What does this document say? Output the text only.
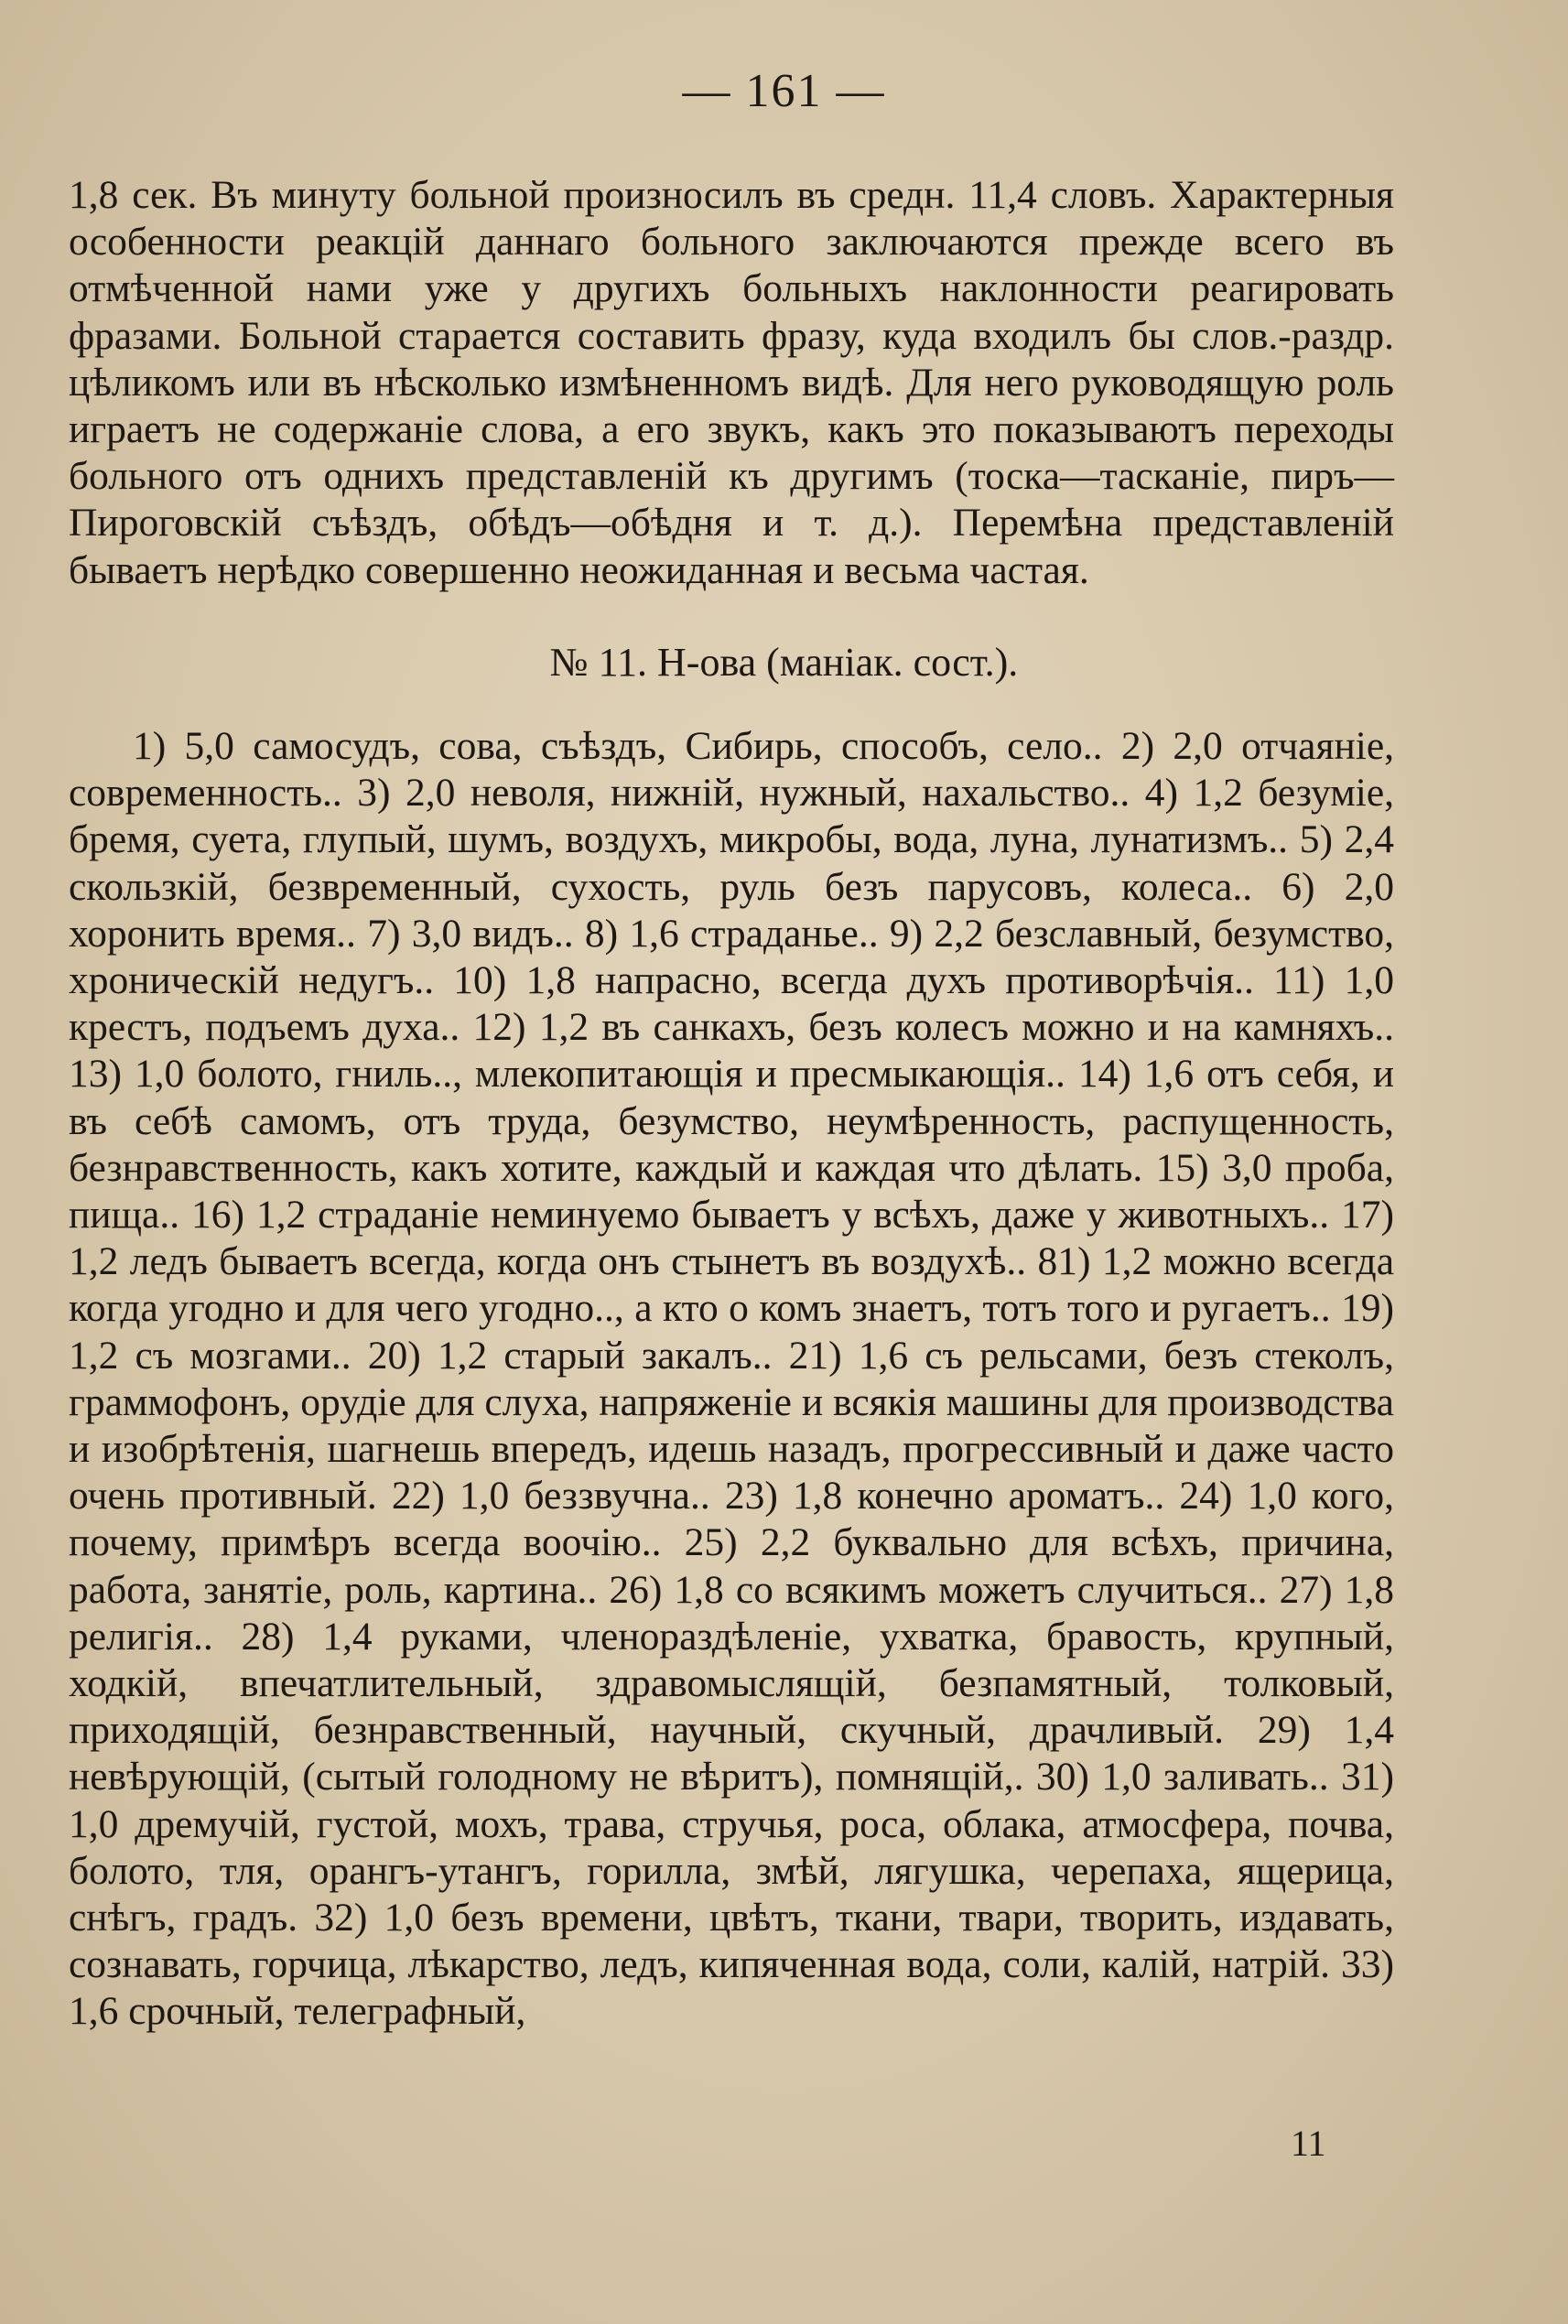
— 161 —

1,8 сек. Въ минуту больной произносилъ въ средн. 11,4 словъ. Характерныя особенности реакцій даннаго больного заключаются прежде всего въ отмѣченной нами уже у другихъ больныхъ наклонности реагировать фразами. Больной старается составить фразу, куда входилъ бы слов.-раздр. цѣликомъ или въ нѣсколько измѣненномъ видѣ. Для него руководящую роль играетъ не содержаніе слова, а его звукъ, какъ это показываютъ переходы больного отъ однихъ представленій къ другимъ (тоска—тасканіе, пиръ—Пироговскій съѣздъ, обѣдъ—обѣдня и т. д.). Перемѣна представленій бываетъ нерѣдко совершенно неожиданная и весьма частая.

№ 11. Н-ова (маніак. сост.).

1) 5,0 самосудъ, сова, съѣздъ, Сибирь, способъ, село.. 2) 2,0 отчаяніе, современность.. 3) 2,0 неволя, нижній, нужный, нахальство.. 4) 1,2 безуміе, бремя, суета, глупый, шумъ, воздухъ, микробы, вода, луна, лунатизмъ.. 5) 2,4 скользкій, безвременный, сухость, руль безъ парусовъ, колеса.. 6) 2,0 хоронить время.. 7) 3,0 видъ.. 8) 1,6 страданье.. 9) 2,2 безславный, безумство, хроническій недугъ.. 10) 1,8 напрасно, всегда духъ противорѣчія.. 11) 1,0 крестъ, подъемъ духа.. 12) 1,2 въ санкахъ, безъ колесъ можно и на камняхъ.. 13) 1,0 болото, гниль.., млекопитающія и пресмыкающія.. 14) 1,6 отъ себя, и въ себѣ самомъ, отъ труда, безумство, неумѣренность, распущенность, безнравственность, какъ хотите, каждый и каждая что дѣлать. 15) 3,0 проба, пища.. 16) 1,2 страданіе неминуемо бываетъ у всѣхъ, даже у животныхъ.. 17) 1,2 ледъ бываетъ всегда, когда онъ стынетъ въ воздухѣ.. 81) 1,2 можно всегда когда угодно и для чего угодно.., а кто о комъ знаетъ, тотъ того и ругаетъ.. 19) 1,2 съ мозгами.. 20) 1,2 старый закалъ.. 21) 1,6 съ рельсами, безъ стеколъ, граммофонъ, орудіе для слуха, напряженіе и всякія машины для производства и изобрѣтенія, шагнешь впередъ, идешь назадъ, прогрессивный и даже часто очень противный. 22) 1,0 беззвучна.. 23) 1,8 конечно ароматъ.. 24) 1,0 кого, почему, примѣръ всегда воочію.. 25) 2,2 буквально для всѣхъ, причина, работа, занятіе, роль, картина.. 26) 1,8 со всякимъ можетъ случиться.. 27) 1,8 религія.. 28) 1,4 руками, членораздѣленіе, ухватка, бравость, крупный, ходкій, впечатлительный, здравомыслящій, безпамятный, толковый, приходящій, безнравственный, научный, скучный, драчливый. 29) 1,4 невѣрующій, (сытый голодному не вѣритъ), помнящій,. 30) 1,0 заливать.. 31) 1,0 дремучій, густой, мохъ, трава, стручья, роса, облака, атмосфера, почва, болото, тля, орангъ-утангъ, горилла, змѣй, лягушка, черепаха, ящерица, снѣгъ, градъ. 32) 1,0 безъ времени, цвѣтъ, ткани, твари, творить, издавать, сознавать, горчица, лѣкарство, ледъ, кипяченная вода, соли, калій, натрій. 33) 1,6 срочный, телеграфный,

11
